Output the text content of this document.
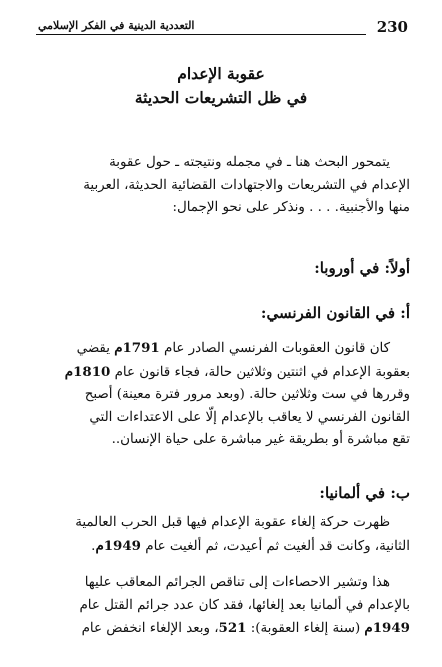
230
التعددية الدينية في الفكر الإسلامي
عقوبة الإعدام
في ظل التشريعات الحديثة
يتمحور البحث هنا ـ في مجمله ونتيجته ـ حول عقوبة
الإعدام في التشريعات والاجتهادات القضائية الحديثة، العربية
منها والأجنبية. . . . ونذكر على نحو الإجمال:
أولاً: في أوروبا:
أ: في القانون الفرنسي:
كان قانون العقوبات الفرنسي الصادر عام 1791م يقضي
بعقوبة الإعدام في اثنتين وثلاثين حالة، فجاء قانون عام 1810م
وقررها في ست وثلاثين حالة. (وبعد مرور فترة معينة) أصبح
القانون الفرنسي لا يعاقب بالإعدام إلّا على الاعتداءات التي
تقع مباشرة أو بطريقة غير مباشرة على حياة الإنسان..
ب: في ألمانيا:
ظهرت حركة إلغاء عقوبة الإعدام فيها قبل الحرب العالمية
الثانية، وكانت قد ألغيت ثم أعيدت، ثم ألغيت عام 1949م.
هذا وتشير الاحصاءات إلى تناقص الجرائم المعاقب عليها
بالإعدام في ألمانيا بعد إلغائها، فقد كان عدد جرائم القتل عام
1949م (سنة إلغاء العقوبة): 521، وبعد الإلغاء انخفض عام
